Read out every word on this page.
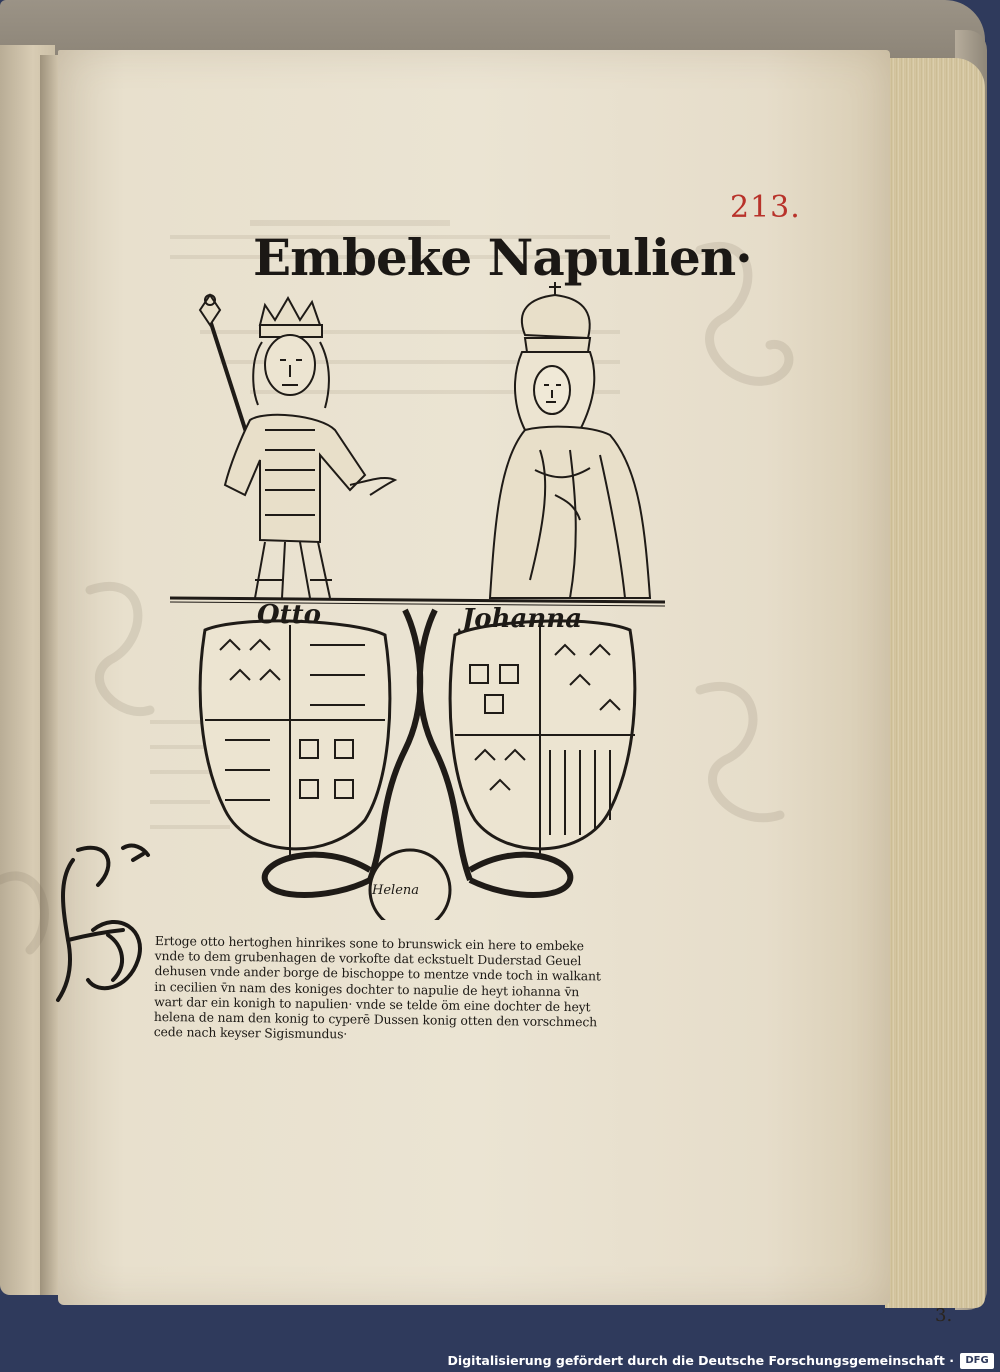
213.
Embeke Napulien·
Otto	Johanna
Helena
Ertoge otto hertoghen hinrikes sone to brunswick ein here to embeke
vnde to dem grubenhagen de vorkofte dat eckstuelt Duderstad Geuel
dehusen vnde ander borge de bischoppe to mentze vnde toch in walkant
in cecilien v̄n nam des koniges dochter to napulie de heyt iohanna v̄n
wart dar ein konigh to napulien· vnde se telde öm eine dochter de heyt
helena de nam den konig to cyperē Dussen konig otten den vorschmech
cede nach keyser Sigismundus·
3.
Digitalisierung gefördert durch die Deutsche Forschungsgemeinschaft ·	DFG
